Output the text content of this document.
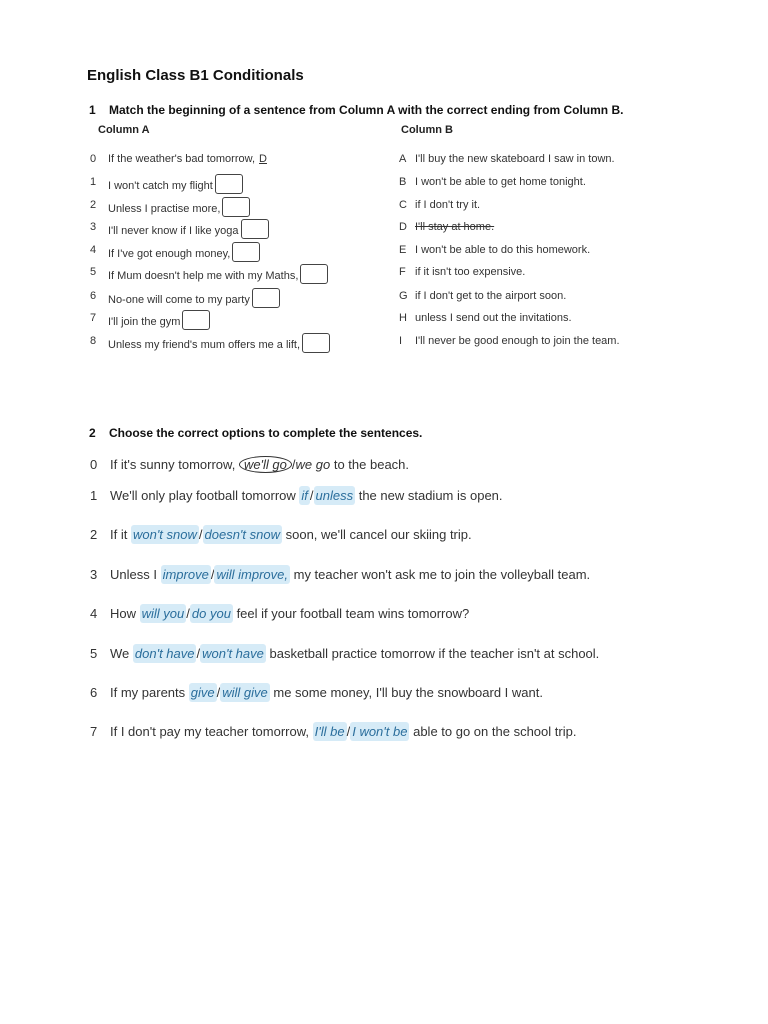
English Class B1 Conditionals
1 Match the beginning of a sentence from Column A with the correct ending from Column B.
Column A	Column B
0 If the weather's bad tomorrow, D	A I'll buy the new skateboard I saw in town.
1 I won't catch my flight	B I won't be able to get home tonight.
2 Unless I practise more,	C if I don't try it.
3 I'll never know if I like yoga	D I'll stay at home.
4 If I've got enough money,	E I won't be able to do this homework.
5 If Mum doesn't help me with my Maths,	F if it isn't too expensive.
6 No-one will come to my party	G if I don't get to the airport soon.
7 I'll join the gym	H unless I send out the invitations.
8 Unless my friend's mum offers me a lift,	I I'll never be good enough to join the team.
2 Choose the correct options to complete the sentences.
0 If it's sunny tomorrow, we'll go /we go to the beach.
1 We'll only play football tomorrow if / unless the new stadium is open.
2 If it won't snow / doesn't snow soon, we'll cancel our skiing trip.
3 Unless I improve / will improve, my teacher won't ask me to join the volleyball team.
4 How will you / do you feel if your football team wins tomorrow?
5 We don't have / won't have basketball practice tomorrow if the teacher isn't at school.
6 If my parents give / will give me some money, I'll buy the snowboard I want.
7 If I don't pay my teacher tomorrow, I'll be / I won't be able to go on the school trip.
